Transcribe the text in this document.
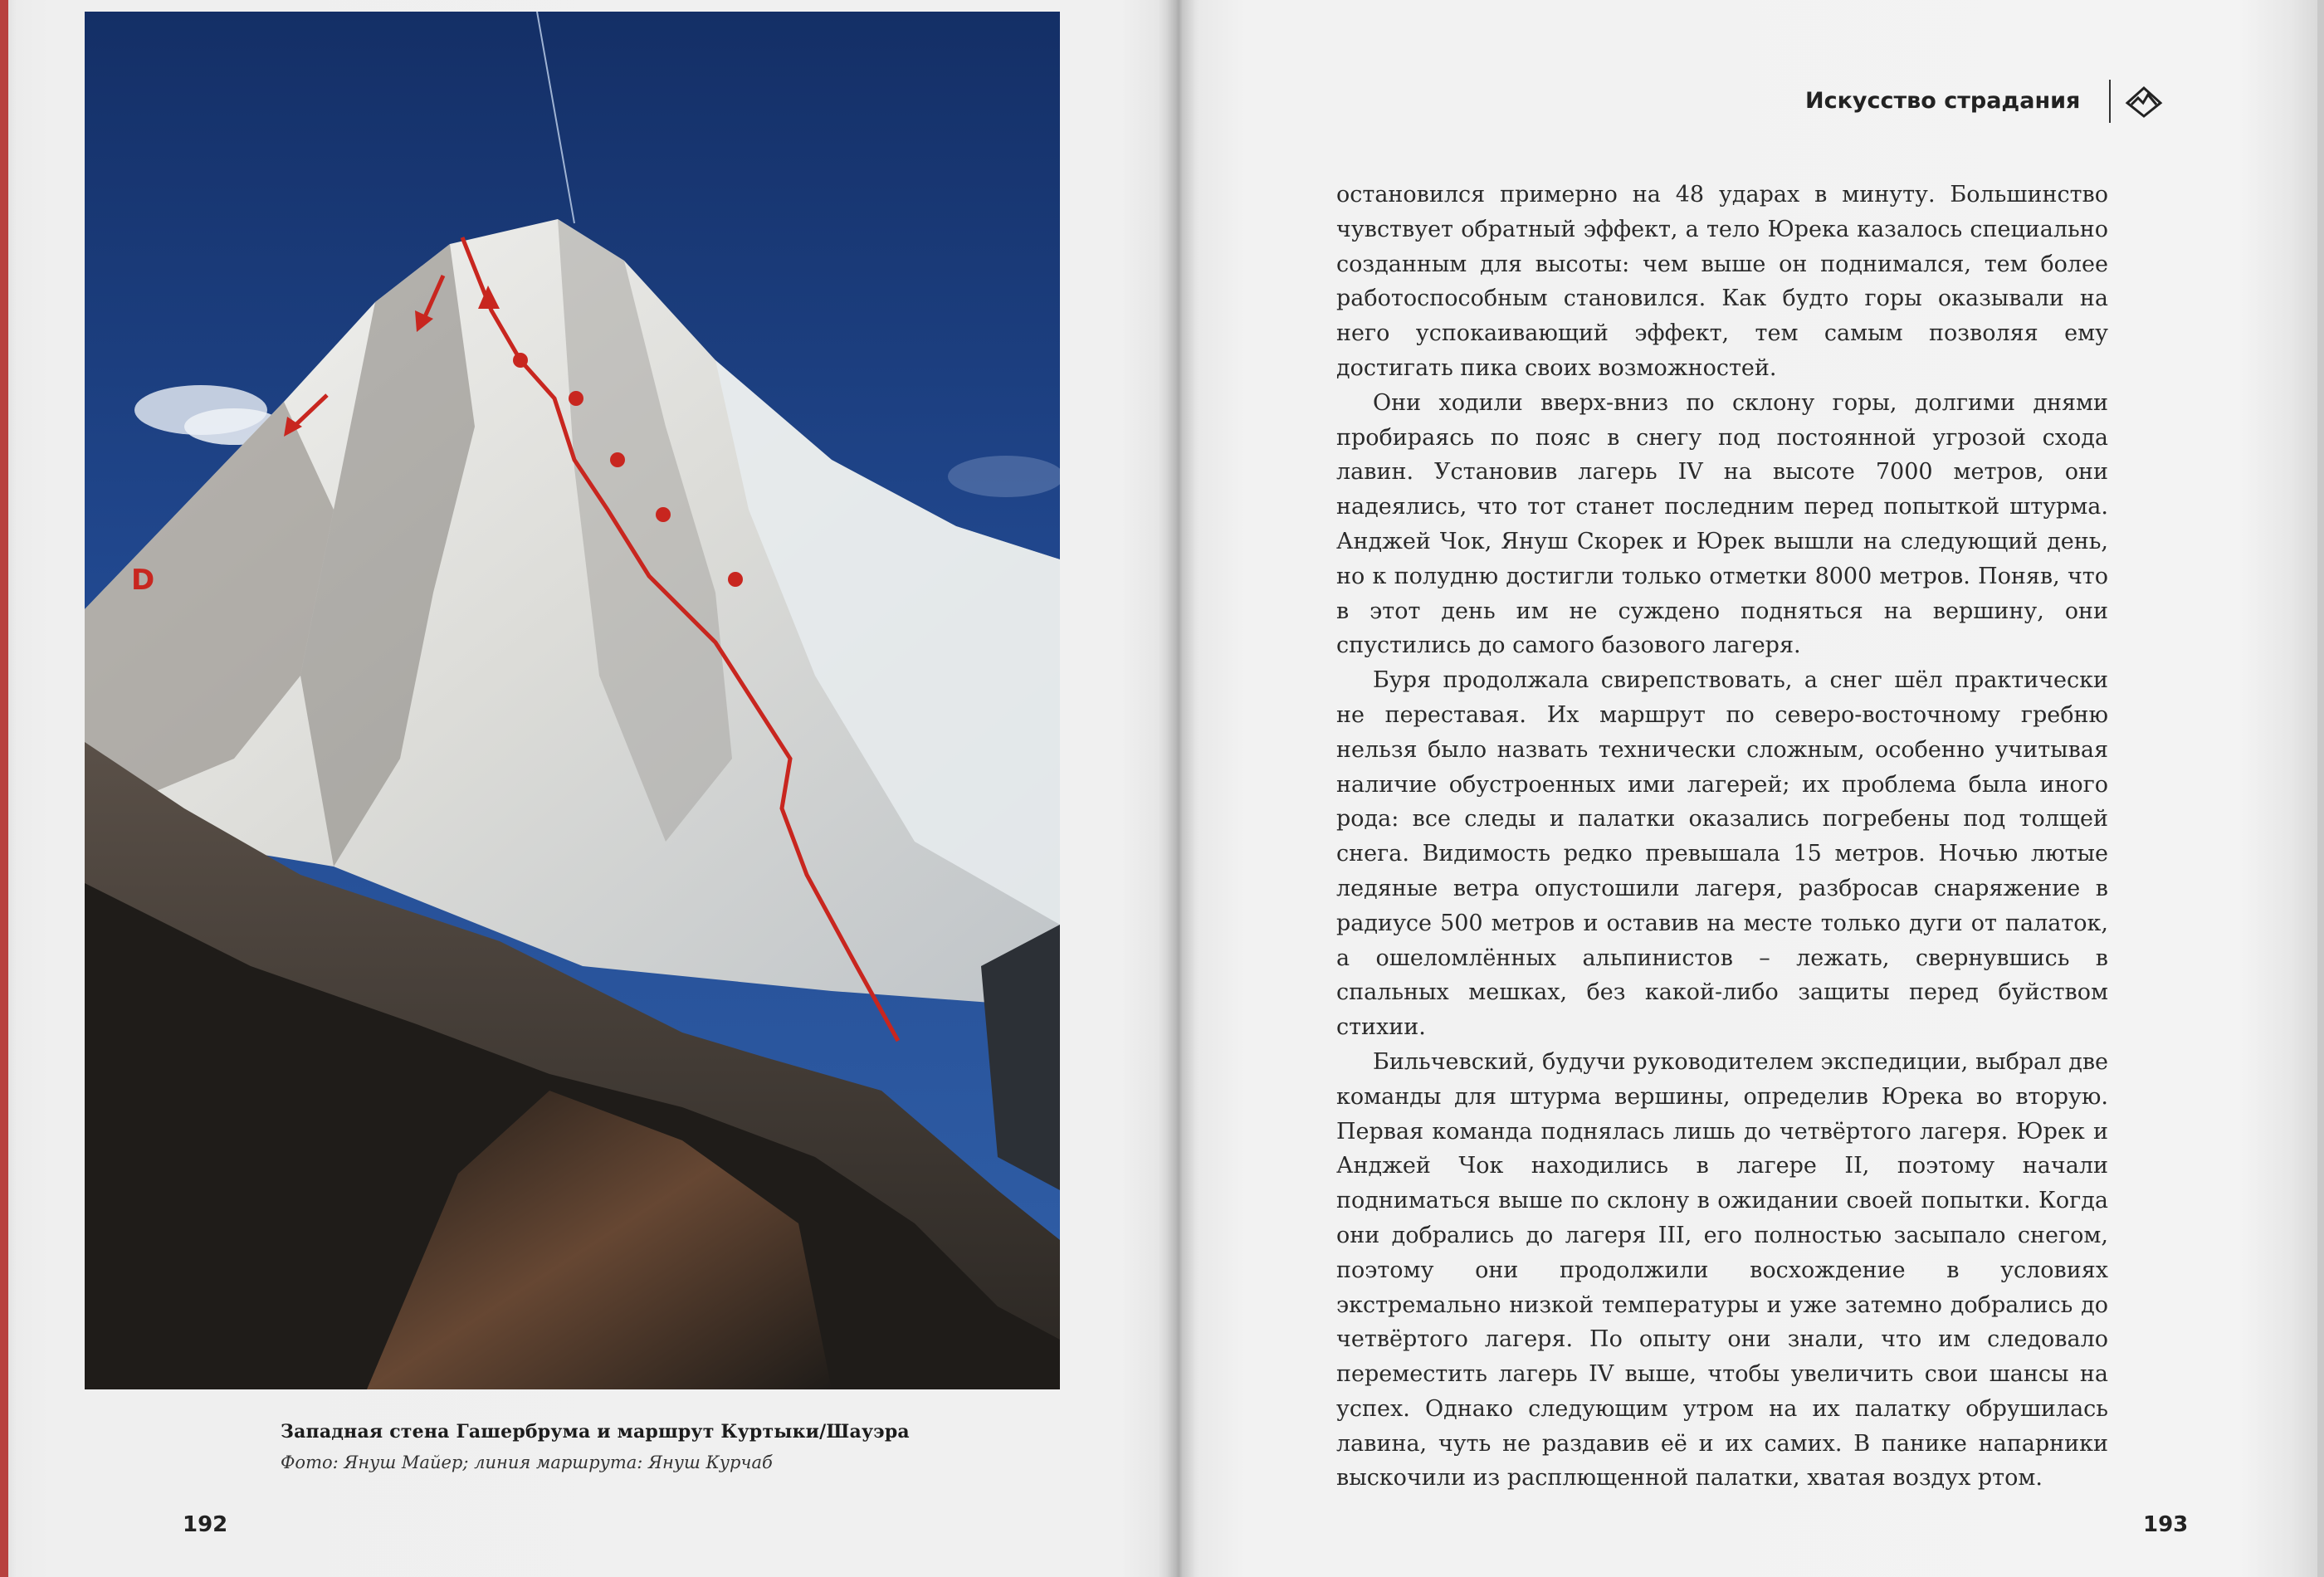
D
Западная стена Гашербрума и маршрут Куртыки/Шауэра
Фото: Януш Майер; линия маршрута: Януш Курчаб
192
Искусство страдания

остановился примерно на 48 ударах в минуту. Большинство чувствует обратный эффект, а тело Юрека казалось специально созданным для высоты: чем выше он поднимался, тем более работоспособным становился. Как будто горы оказывали на него успокаивающий эффект, тем самым позволяя ему достигать пика своих возможностей.

Они ходили вверх-вниз по склону горы, долгими днями пробираясь по пояс в снегу под постоянной угрозой схода лавин. Установив лагерь IV на высоте 7000 метров, они надеялись, что тот станет последним перед попыткой штурма. Анджей Чок, Януш Скорек и Юрек вышли на следующий день, но к полудню достигли только отметки 8000 метров. Поняв, что в этот день им не суждено подняться на вершину, они спустились до самого базового лагеря.

Буря продолжала свирепствовать, а снег шёл практически не переставая. Их маршрут по северо-восточному гребню нельзя было назвать технически сложным, особенно учитывая наличие обустроенных ими лагерей; их проблема была иного рода: все следы и палатки оказались погребены под толщей снега. Видимость редко превышала 15 метров. Ночью лютые ледяные ветра опустошили лагеря, разбросав снаряжение в радиусе 500 метров и оставив на месте только дуги от палаток, а ошеломлённых альпинистов – лежать, свернувшись в спальных мешках, без какой-либо защиты перед буйством стихии.

Бильчевский, будучи руководителем экспедиции, выбрал две команды для штурма вершины, определив Юрека во вторую. Первая команда поднялась лишь до четвёртого лагеря. Юрек и Анджей Чок находились в лагере II, поэтому начали подниматься выше по склону в ожидании своей попытки. Когда они добрались до лагеря III, его полностью засыпало снегом, поэтому они продолжили восхождение в условиях экстремально низкой температуры и уже затемно добрались до четвёртого лагеря. По опыту они знали, что им следовало переместить лагерь IV выше, чтобы увеличить свои шансы на успех. Однако следующим утром на их палатку обрушилась лавина, чуть не раздавив её и их самих. В панике напарники выскочили из расплющенной палатки, хватая воздух ртом.

193
